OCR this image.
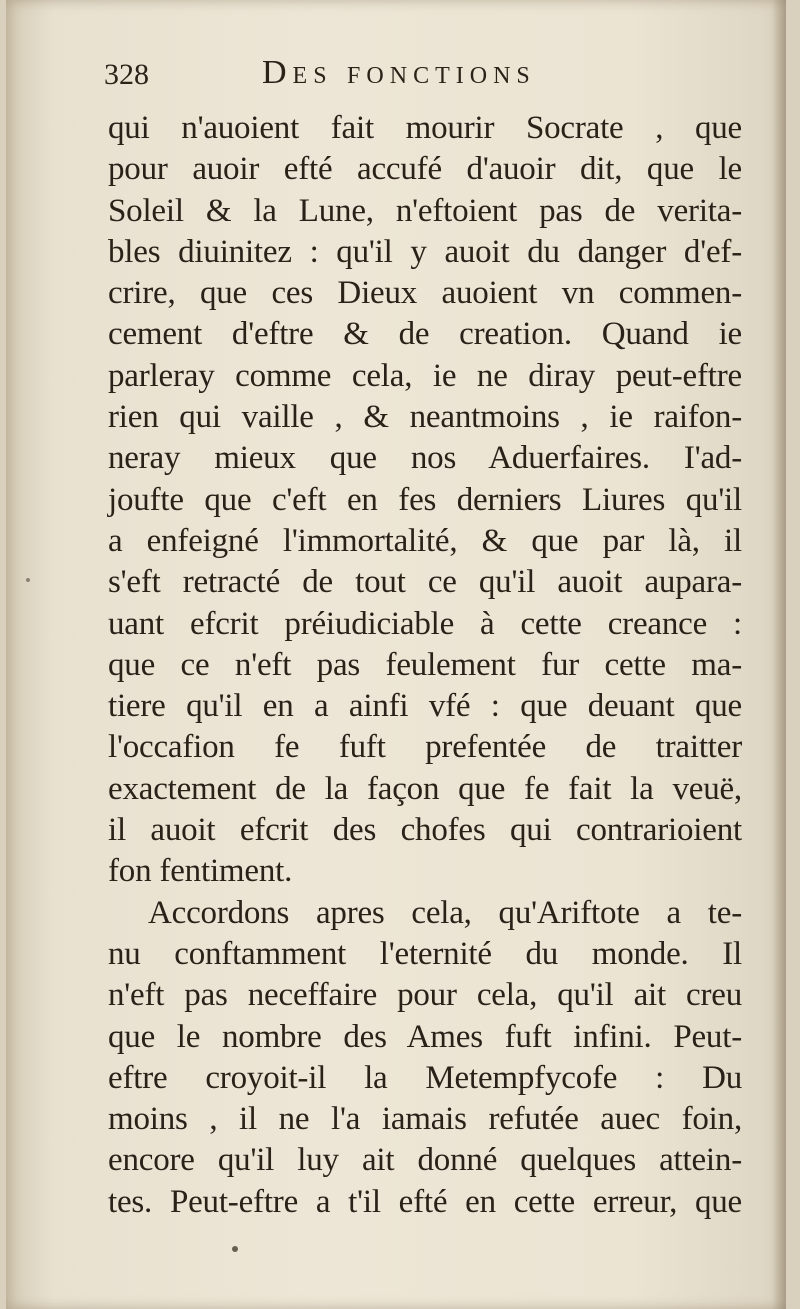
328	Des fonctions
qui n'auoient fait mourir Socrate , que
pour auoir efté accufé d'auoir dit, que le
Soleil & la Lune, n'eftoient pas de verita-
bles diuinitez : qu'il y auoit du danger d'ef-
crire, que ces Dieux auoient vn commen-
cement d'eftre & de creation. Quand ie
parleray comme cela, ie ne diray peut-eftre
rien qui vaille , & neantmoins , ie raifon-
neray mieux que nos Aduerfaires. I'ad-
joufte que c'eft en fes derniers Liures qu'il
a enfeigné l'immortalité, & que par là, il
s'eft retracté de tout ce qu'il auoit aupara-
uant efcrit préiudiciable à cette creance :
que ce n'eft pas feulement fur cette ma-
tiere qu'il en a ainfi vfé : que deuant que
l'occafion fe fuft prefentée de traitter
exactement de la façon que fe fait la veuë,
il auoit efcrit des chofes qui contrarioient
fon fentiment.
Accordons apres cela, qu'Ariftote a te-
nu conftamment l'eternité du monde. Il
n'eft pas neceffaire pour cela, qu'il ait creu
que le nombre des Ames fuft infini. Peut-
eftre croyoit-il la Metempfycofe : Du
moins , il ne l'a iamais refutée auec foin,
encore qu'il luy ait donné quelques attein-
tes. Peut-eftre a t'il efté en cette erreur, que
